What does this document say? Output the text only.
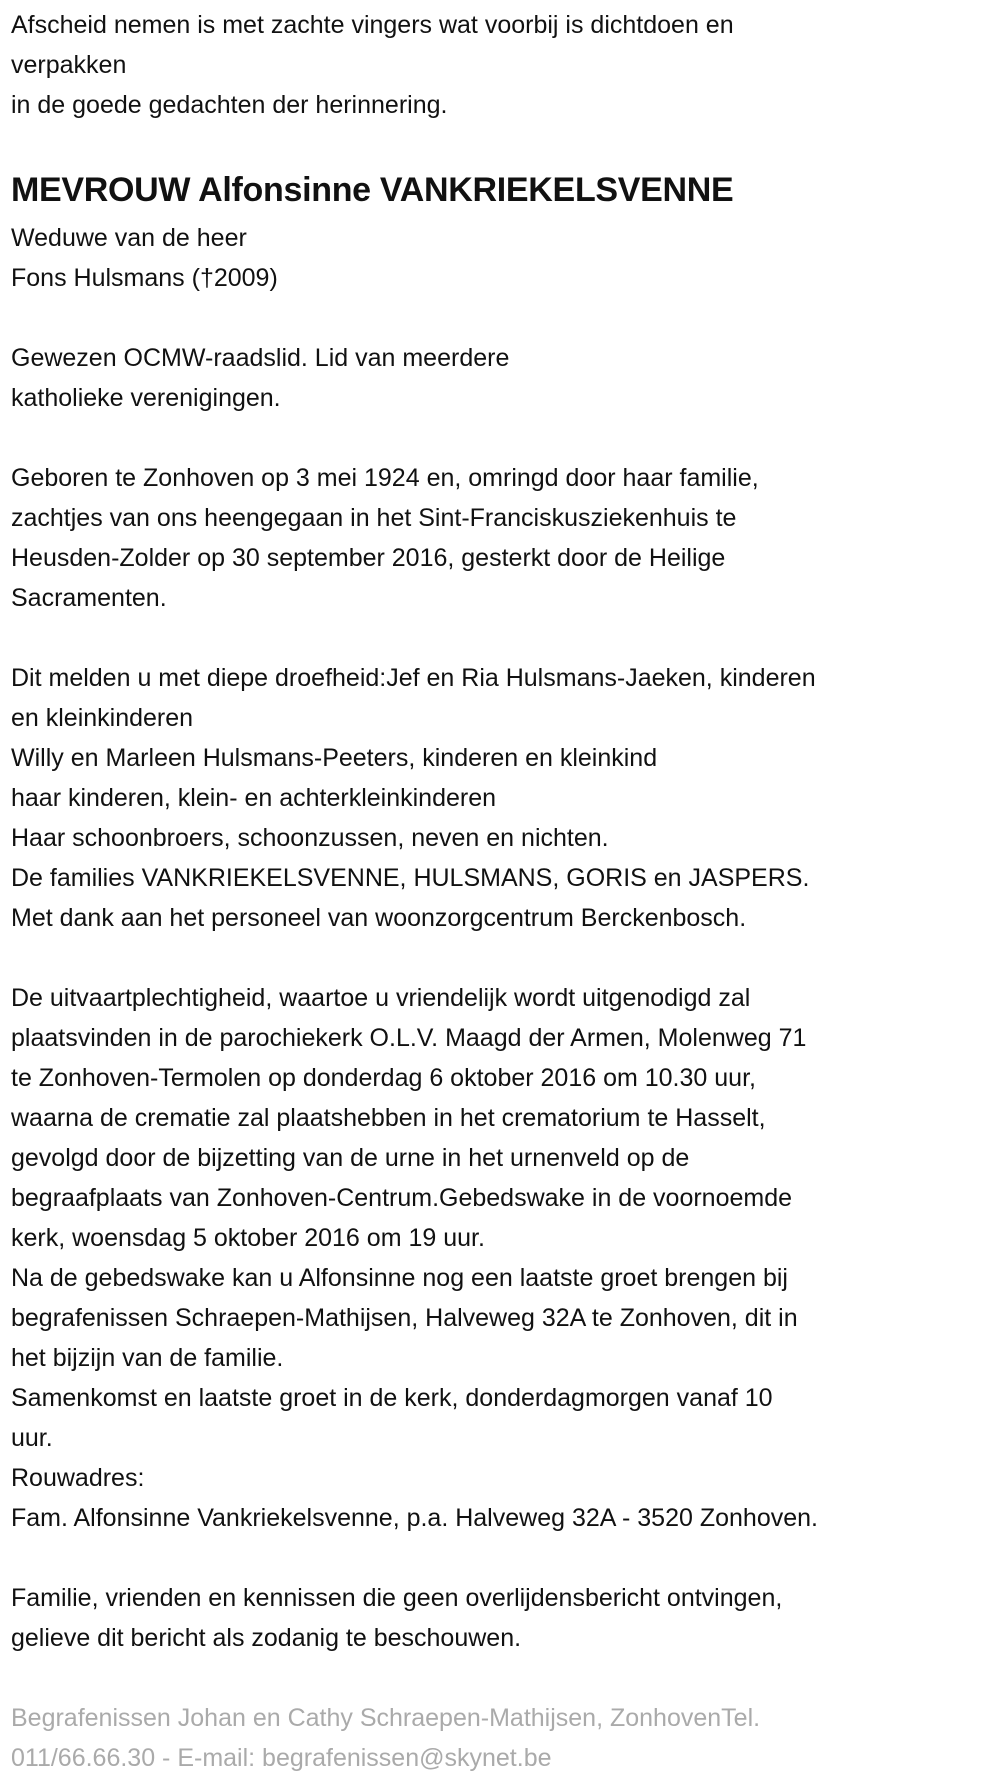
Afscheid nemen is met zachte vingers wat voorbij is dichtdoen en
verpakken
in de goede gedachten der herinnering.
MEVROUW Alfonsinne VANKRIEKELSVENNE
Weduwe van de heer
Fons Hulsmans (†2009)
Gewezen OCMW-raadslid. Lid van meerdere
katholieke verenigingen.
Geboren te Zonhoven op 3 mei 1924 en, omringd door haar familie,
zachtjes van ons heengegaan in het Sint-Franciskusziekenhuis te
Heusden-Zolder op 30 september 2016, gesterkt door de Heilige
Sacramenten.
Dit melden u met diepe droefheid:Jef en Ria Hulsmans-Jaeken, kinderen
en kleinkinderen
Willy en Marleen Hulsmans-Peeters, kinderen en kleinkind
haar kinderen, klein- en achterkleinkinderen
Haar schoonbroers, schoonzussen, neven en nichten.
De families VANKRIEKELSVENNE, HULSMANS, GORIS en JASPERS.
Met dank aan het personeel van woonzorgcentrum Berckenbosch.
De uitvaartplechtigheid, waartoe u vriendelijk wordt uitgenodigd zal
plaatsvinden in de parochiekerk O.L.V. Maagd der Armen, Molenweg 71
te Zonhoven-Termolen op donderdag 6 oktober 2016 om 10.30 uur,
waarna de crematie zal plaatshebben in het crematorium te Hasselt,
gevolgd door de bijzetting van de urne in het urnenveld op de
begraafplaats van Zonhoven-Centrum.Gebedswake in de voornoemde
kerk, woensdag 5 oktober 2016 om 19 uur.
Na de gebedswake kan u Alfonsinne nog een laatste groet brengen bij
begrafenissen Schraepen-Mathijsen, Halveweg 32A te Zonhoven, dit in
het bijzijn van de familie.
Samenkomst en laatste groet in de kerk, donderdagmorgen vanaf 10
uur.
Rouwadres:
Fam. Alfonsinne Vankriekelsvenne, p.a. Halveweg 32A - 3520 Zonhoven.
Familie, vrienden en kennissen die geen overlijdensbericht ontvingen,
gelieve dit bericht als zodanig te beschouwen.
Begrafenissen Johan en Cathy Schraepen-Mathijsen, ZonhovenTel.
011/66.66.30 - E-mail: begrafenissen@skynet.be
